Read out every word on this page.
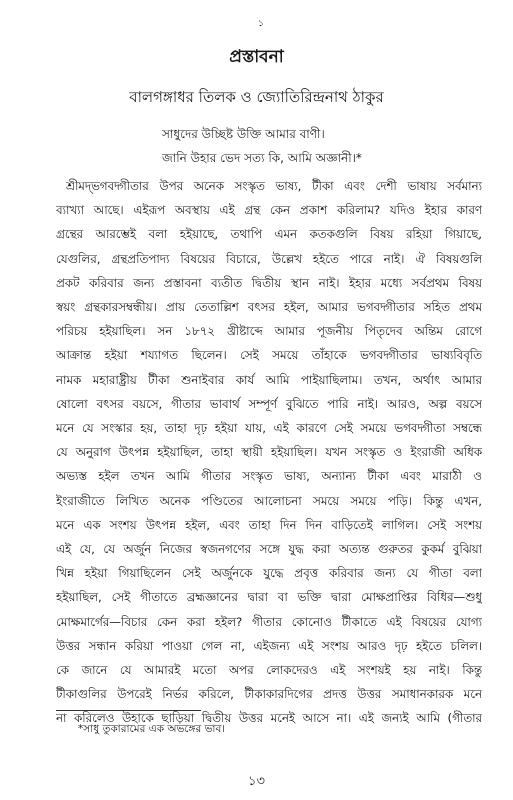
১
প্রস্তাবনা
বালগঙ্গাধর তিলক ও জ্যোতিরিন্দ্রনাথ ঠাকুর
সাধুদের উচ্ছিষ্ট উক্তি আমার বাণী।
জানি উহার ভেদ সত্য কি, আমি অজ্ঞানী।*
শ্রীমদ্‌ভগবদ্গীতার উপর অনেক সংস্কৃত ভাষ্য, টীকা এবং দেশী ভাষায় সর্বমান্য
ব্যাখ্যা আছে। এইরূপ অবস্থায় এই গ্রন্থ কেন প্রকাশ করিলাম? যদিও ইহার কারণ
গ্রন্থের আরম্ভেই বলা হইয়াছে, তথাপি এমন কতকগুলি বিষয় রহিয়া গিয়াছে,
যেগুলির, গ্রন্থপ্রতিপাদ্য বিষয়ের বিচারে, উল্লেখ হইতে পারে নাই। ঐ বিষয়গুলি
প্রকট করিবার জন্য প্রস্তাবনা ব্যতীত দ্বিতীয় স্থান নাই। ইহার মধ্যে সর্বপ্রথম বিষয়
স্বয়ং গ্রন্থকারসম্বন্ধীয়। প্রায় তেতাল্লিশ বৎসর হইল, আমার ভগবদ্গীতার সহিত প্রথম
পরিচয় হইয়াছিল। সন ১৮৭২ খ্রীষ্টাব্দে আমার পূজনীয় পিতৃদেব অন্তিম রোগে
আক্রান্ত হইয়া শয্যাগত ছিলেন। সেই সময়ে তাঁহাকে ভগবদ্গীতার ভাষ্যবিবৃতি
নামক মহারাষ্ট্রীয় টীকা শুনাইবার কার্য আমি পাইয়াছিলাম। তখন, অর্থাৎ আমার
ষোলো বৎসর বয়সে, গীতার ভাবার্থ সম্পূর্ণ বুঝিতে পারি নাই। আরও, অল্প বয়সে
মনে যে সংস্কার হয়, তাহা দৃঢ় হইয়া যায়, এই কারণে সেই সময়ে ভগবদ্গীতা সম্বন্ধে
যে অনুরাগ উৎপন্ন হইয়াছিল, তাহা স্থায়ী হইয়াছিল। যখন সংস্কৃত ও ইংরাজী অধিক
অভ্যস্ত হইল তখন আমি গীতার সংস্কৃত ভাষ্য, অন্যান্য টীকা এবং মারাঠী ও
ইংরাজীতে লিখিত অনেক পণ্ডিতের আলোচনা সময়ে সময়ে পড়ি। কিন্তু এখন,
মনে এক সংশয় উৎপন্ন হইল, এবং তাহা দিন দিন বাড়িতেই লাগিল। সেই সংশয়
এই যে, যে অর্জুন নিজের স্বজনগণের সঙ্গে যুদ্ধ করা অত্যন্ত গুরুতর কুকর্ম বুঝিয়া
খিন্ন হইয়া গিয়াছিলেন সেই অর্জুনকে যুদ্ধে প্রবৃত্ত করিবার জন্য যে গীতা বলা
হইয়াছিল, সেই গীতাতে ব্রহ্মজ্ঞানের দ্বারা বা ভক্তি দ্বারা মোক্ষপ্রাপ্তির বিধির—শুধু
মোক্ষমার্গের—বিচার কেন করা হইল? গীতার কোনোও টীকাতে এই বিষয়ের যোগ্য
উত্তর সন্ধান করিয়া পাওয়া গেল না, এইজন্য এই সংশয় আরও দৃঢ় হইতে চলিল।
কে জানে যে আমারই মতো অপর লোকদেরও এই সংশয়ই হয় নাই। কিন্তু
টীকাগুলির উপরেই নির্ভর করিলে, টীকাকারদিগের প্রদত্ত উত্তর সমাধানকারক মনে
না করিলেও উহাকে ছাড়িয়া দ্বিতীয় উত্তর মনেই আসে না। এই জন্যই আমি (গীতার
*সাধু তুকারামের এক অভঙ্গের ভাব।
১৩
